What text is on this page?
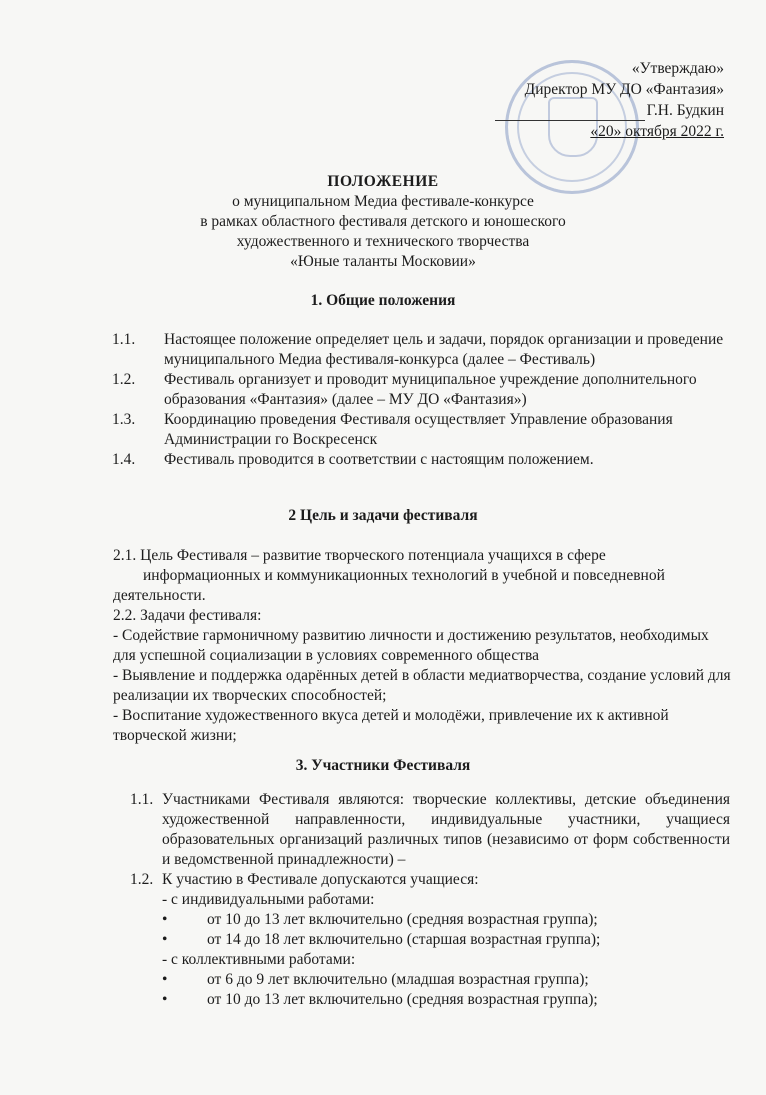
«Утверждаю»
Директор МУ ДО «Фантазия»
Г.Н. Будкин
«20» октября 2022 г.
ПОЛОЖЕНИЕ
о муниципальном Медиа фестивале-конкурсе
в рамках областного фестиваля детского и юношеского
художественного и технического творчества
«Юные таланты Московии»
1. Общие положения
1.1. Настоящее положение определяет цель и задачи, порядок организации и проведение муниципального Медиа фестиваля-конкурса (далее – Фестиваль)
1.2. Фестиваль организует и проводит муниципальное учреждение дополнительного образования «Фантазия» (далее – МУ ДО «Фантазия»)
1.3. Координацию проведения Фестиваля осуществляет Управление образования Администрации го Воскресенск
1.4. Фестиваль проводится в соответствии с настоящим положением.
2 Цель и задачи фестиваля
2.1. Цель Фестиваля – развитие творческого потенциала учащихся в сфере
информационных и коммуникационных технологий в учебной и повседневной
деятельности.
2.2. Задачи фестиваля:
- Содействие гармоничному развитию личности и достижению результатов, необходимых для успешной социализации в условиях современного общества
- Выявление и поддержка одарённых детей в области медиатворчества, создание условий для реализации их творческих способностей;
- Воспитание художественного вкуса детей и молодёжи, привлечение их к активной творческой жизни;
3. Участники Фестиваля
1.1. Участниками Фестиваля являются: творческие коллективы, детские объединения художественной направленности, индивидуальные участники, учащиеся образовательных организаций различных типов (независимо от форм собственности и ведомственной принадлежности) –
1.2. К участию в Фестивале допускаются учащиеся:
- с индивидуальными работами:
•	от 10 до 13 лет включительно (средняя возрастная группа);
•	от 14 до 18 лет включительно (старшая возрастная группа);
- с коллективными работами:
•	от 6 до 9 лет включительно (младшая возрастная группа);
•	от 10 до 13 лет включительно (средняя возрастная группа);
